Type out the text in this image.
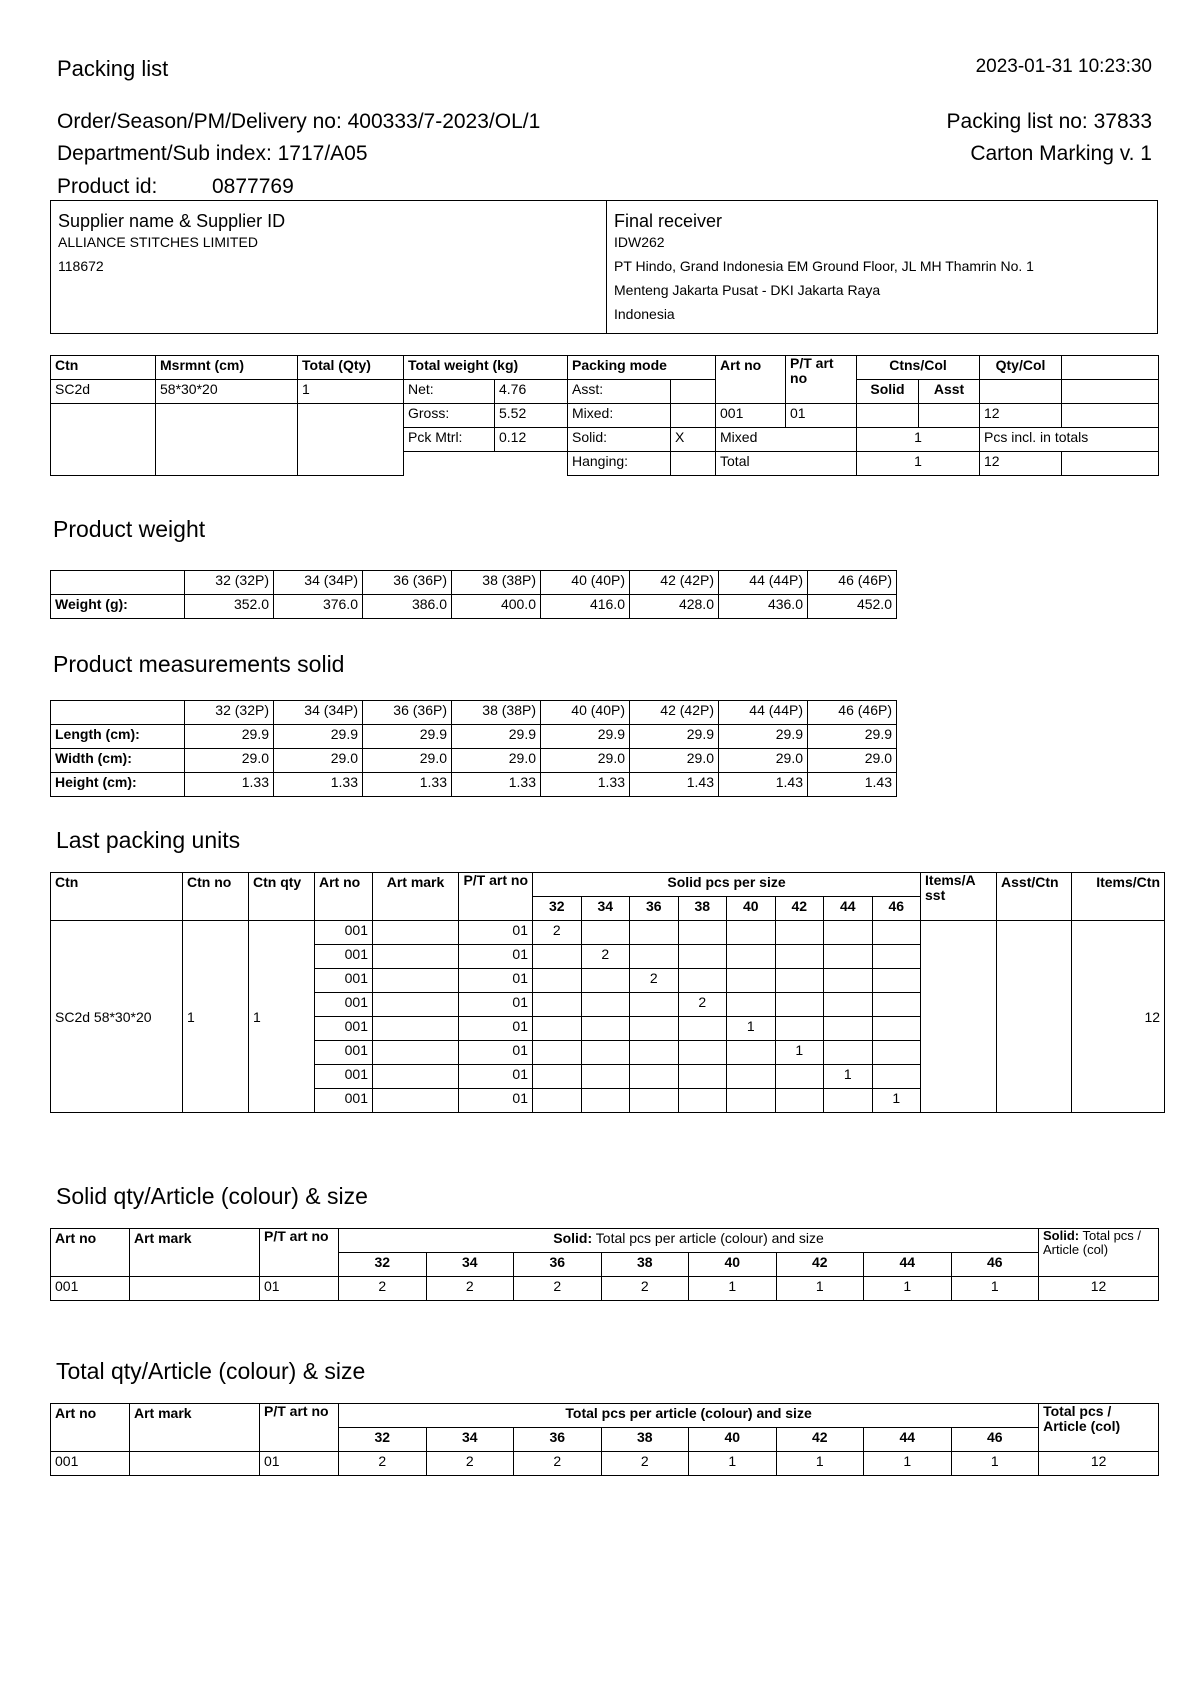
Packing list	2023-01-31 10:23:30
Order/Season/PM/Delivery no: 400333/7-2023/OL/1	Packing list no: 37833
Department/Sub index: 1717/A05	Carton Marking v. 1
Product id:	0877769
Supplier name & Supplier ID
ALLIANCE STITCHES LIMITED
118672
Final receiver
IDW262
PT Hindo, Grand Indonesia EM Ground Floor, JL MH Thamrin No. 1
Menteng Jakarta Pusat - DKI Jakarta Raya
Indonesia
Ctn	Msrmnt (cm)	Total (Qty)	Total weight (kg)		Packing mode		Art no	P/T art no	Ctns/Col		Qty/Col	
SC2d	58*30*20	1	Net:	4.76	Asst:				Solid	Asst		
			Gross:	5.52	Mixed:		001	01			12	
			Pck Mtrl:	0.12	Solid:	X	Mixed		1		Pcs incl. in totals	
					Hanging:		Total		1		12	
Product weight
	32 (32P)	34 (34P)	36 (36P)	38 (38P)	40 (40P)	42 (42P)	44 (44P)	46 (46P)
Weight (g):	352.0	376.0	386.0	400.0	416.0	428.0	436.0	452.0
Product measurements solid
	32 (32P)	34 (34P)	36 (36P)	38 (38P)	40 (40P)	42 (42P)	44 (44P)	46 (46P)
Length (cm):	29.9	29.9	29.9	29.9	29.9	29.9	29.9	29.9
Width (cm):	29.0	29.0	29.0	29.0	29.0	29.0	29.0	29.0
Height (cm):	1.33	1.33	1.33	1.33	1.33	1.43	1.43	1.43
Last packing units
Ctn	Ctn no	Ctn qty	Art no	Art mark	P/T art no	Solid pcs per size								Items/A sst	Asst/Ctn	Items/Ctn
						32	34	36	38	40	42	44	46			
SC2d 58*30*20	1	1	001		01	2										12
			001		01		2									
			001		01			2								
			001		01				2							
			001		01					1						
			001		01						1					
			001		01							1				
			001		01								1			
Solid qty/Article (colour) & size
Art no	Art mark	P/T art no	Solid: Total pcs per article (colour) and size								Solid: Total pcs / Article (col)
			32	34	36	38	40	42	44	46	
001		01	2	2	2	2	1	1	1	1	12
Total qty/Article (colour) & size
Art no	Art mark	P/T art no	Total pcs per article (colour) and size								Total pcs / Article (col)
			32	34	36	38	40	42	44	46	
001		01	2	2	2	2	1	1	1	1	12
